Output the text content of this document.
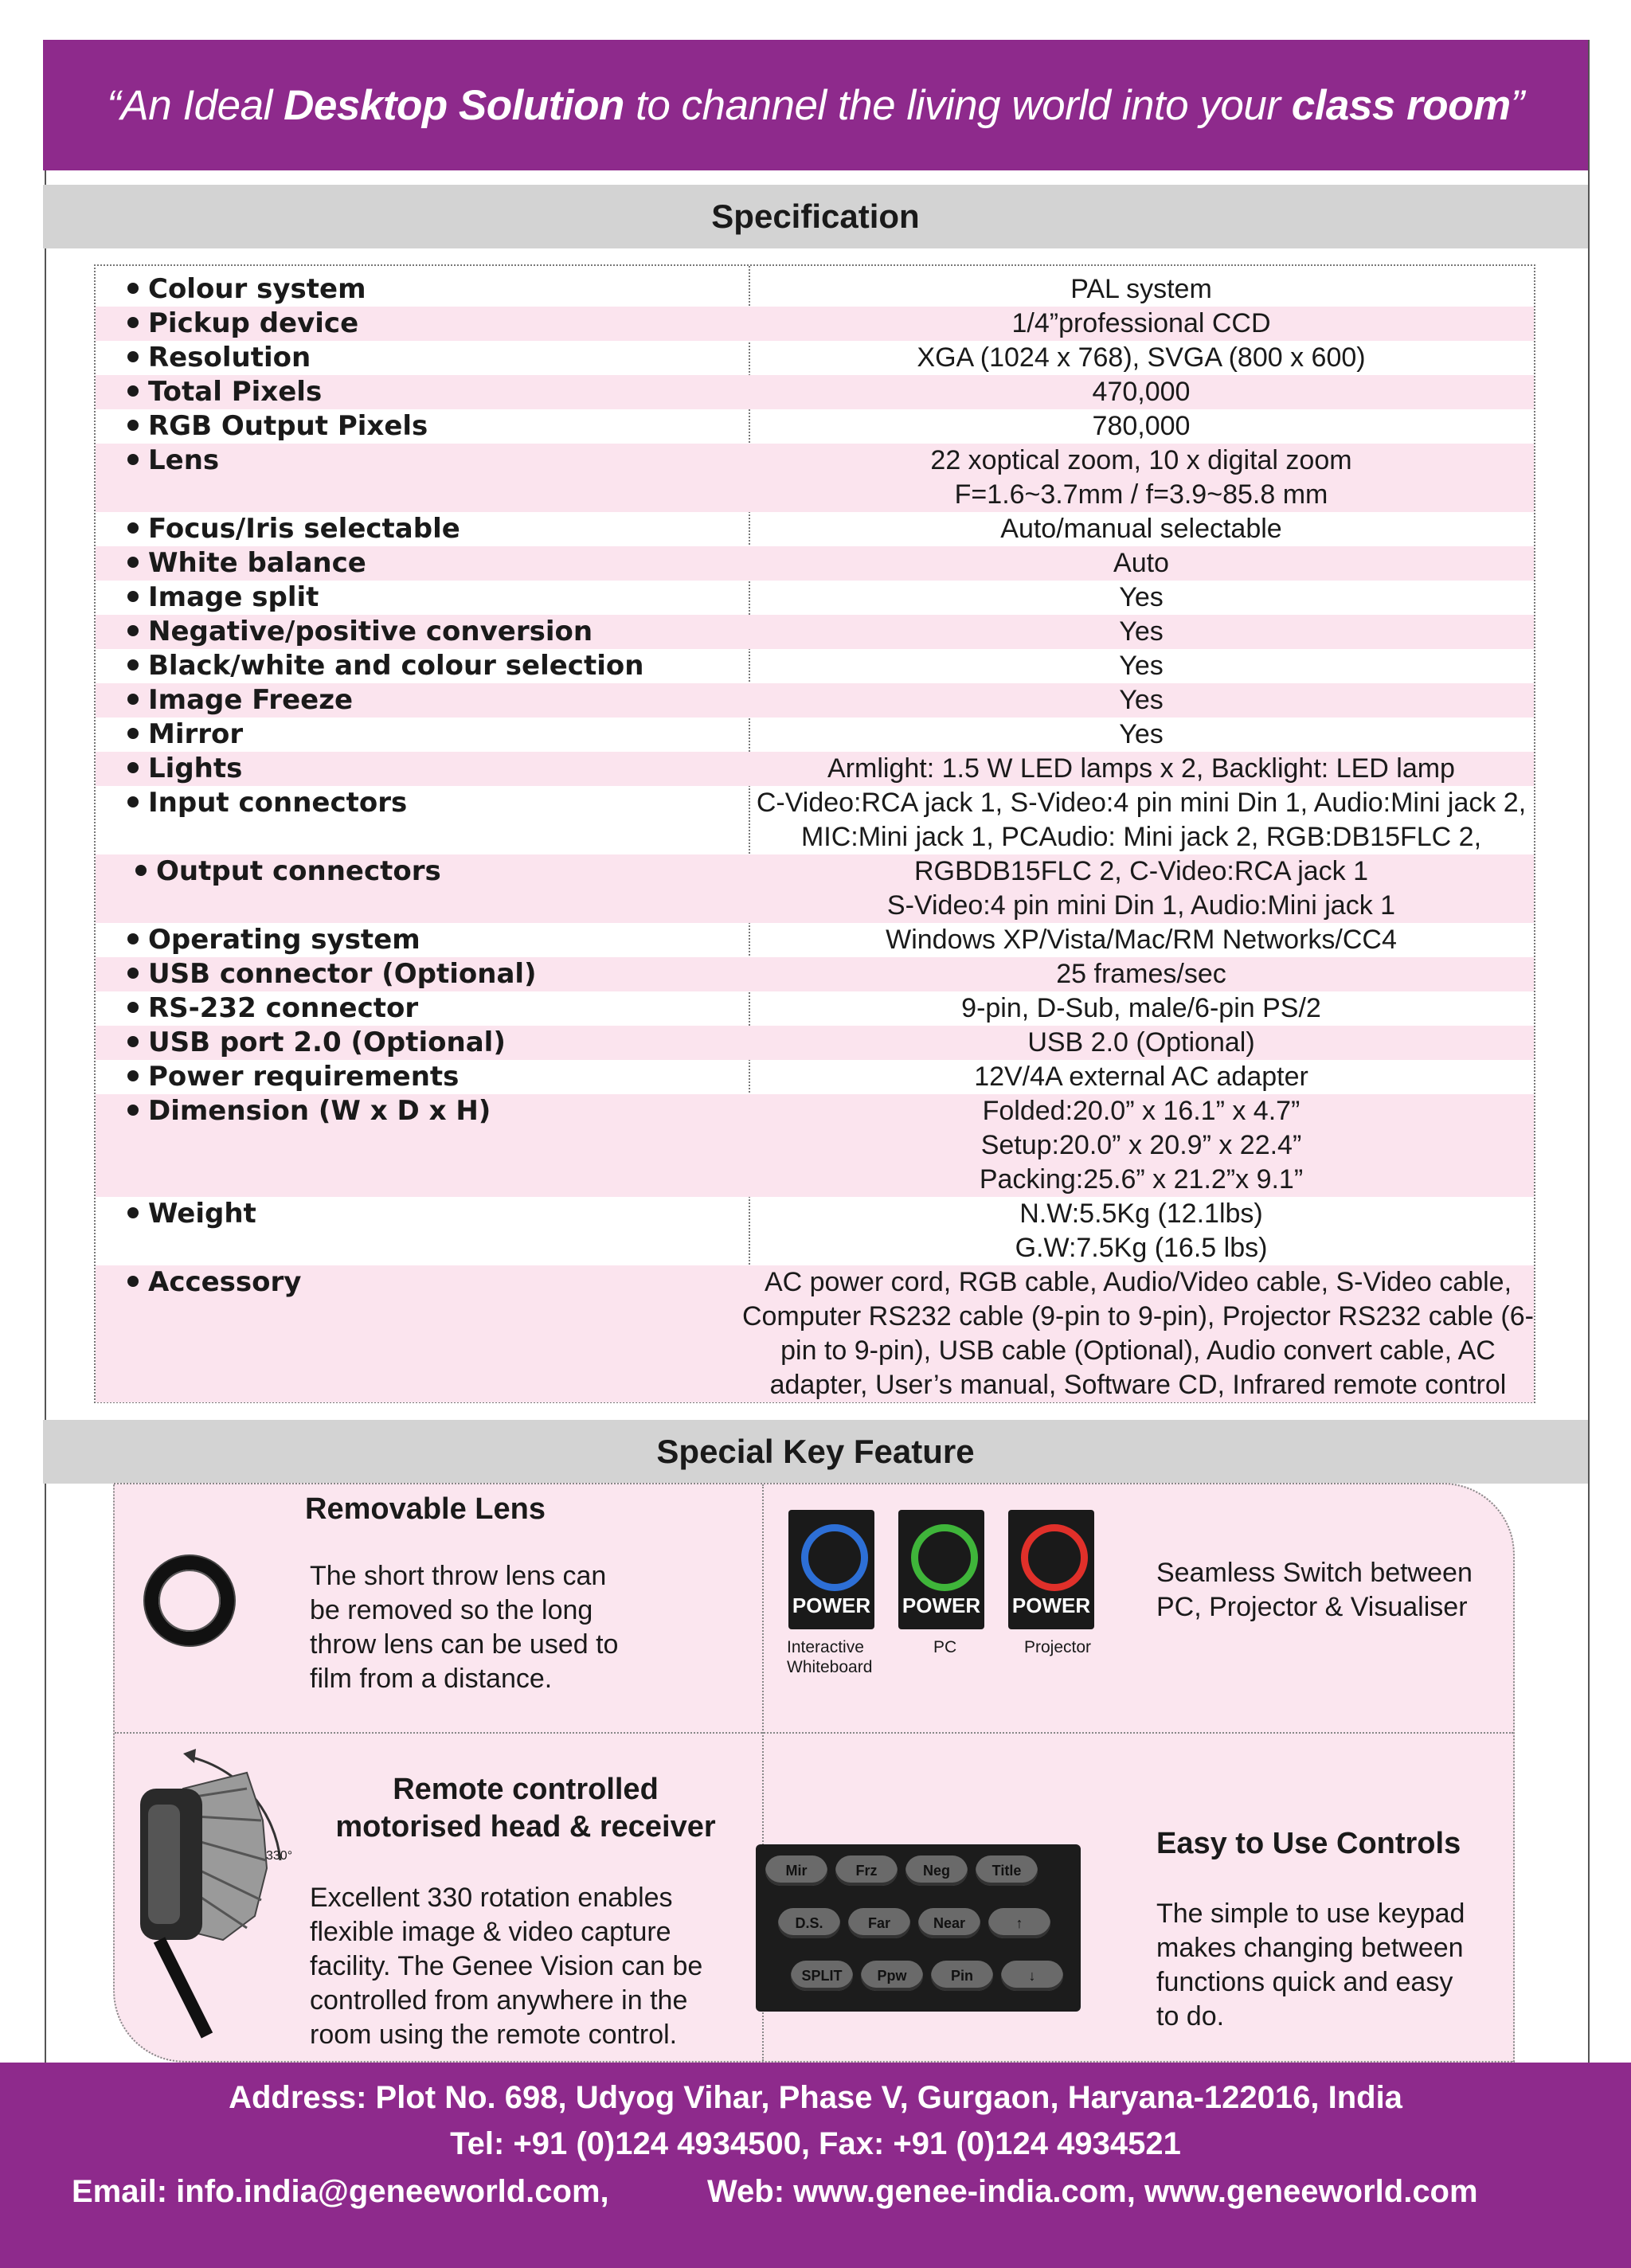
“An Ideal Desktop Solution to channel the living world into your class room”
Specification
Colour system	PAL system
Pickup device	1/4”professional CCD
Resolution	XGA (1024 x 768), SVGA (800 x 600)
Total Pixels	470,000
RGB Output Pixels	780,000
Lens	22 xoptical zoom, 10 x digital zoom
F=1.6~3.7mm / f=3.9~85.8 mm
Focus/Iris selectable	Auto/manual selectable
White balance	Auto
Image split	Yes
Negative/positive conversion	Yes
Black/white and colour selection	Yes
Image Freeze	Yes
Mirror	Yes
Lights	Armlight: 1.5 W LED lamps x 2, Backlight: LED lamp
Input connectors	C-Video:RCA jack 1, S-Video:4 pin mini Din 1, Audio:Mini jack 2,
MIC:Mini jack 1, PCAudio: Mini jack 2, RGB:DB15FLC 2,
Output connectors	RGBDB15FLC 2, C-Video:RCA jack 1
S-Video:4 pin mini Din 1, Audio:Mini jack 1
Operating system	Windows XP/Vista/Mac/RM Networks/CC4
USB connector (Optional)	25 frames/sec
RS-232 connector	9-pin, D-Sub, male/6-pin PS/2
USB port 2.0 (Optional)	USB 2.0 (Optional)
Power requirements	12V/4A external AC adapter
Dimension (W x D x H)	Folded:20.0” x 16.1” x 4.7”
Setup:20.0” x 20.9” x 22.4”
Packing:25.6” x 21.2”x 9.1”
Weight	N.W:5.5Kg (12.1lbs)
G.W:7.5Kg (16.5 lbs)
Accessory	AC power cord, RGB cable, Audio/Video cable, S-Video cable,
Computer RS232 cable (9-pin to 9-pin), Projector RS232 cable (6-
pin to 9-pin), USB cable (Optional), Audio convert cable, AC
adapter, User’s manual, Software CD, Infrared remote control
Special Key Feature
Removable Lens
The short throw lens can
be removed so the long
throw lens can be used to
film from a distance.
Seamless Switch between
PC, Projector & Visualiser
330°
Remote controlled
motorised head & receiver
Excellent 330 rotation enables
flexible image & video capture
facility. The Genee Vision can be
controlled from anywhere in the
room using the remote control.
Mir	Frz	Neg	Title
D.S.	Far	Near	↑
SPLIT	Ppw	Pin	↓
Easy to Use Controls
The simple to use keypad
makes changing between
functions quick and easy
to do.
POWER
Interactive
Whiteboard
POWER
PC
POWER
Projector
Address: Plot No. 698, Udyog Vihar, Phase V, Gurgaon, Haryana-122016, India
Tel: +91 (0)124 4934500, Fax: +91 (0)124 4934521
Email: info.india@geneeworld.com,	Web: www.genee-india.com, www.geneeworld.com
